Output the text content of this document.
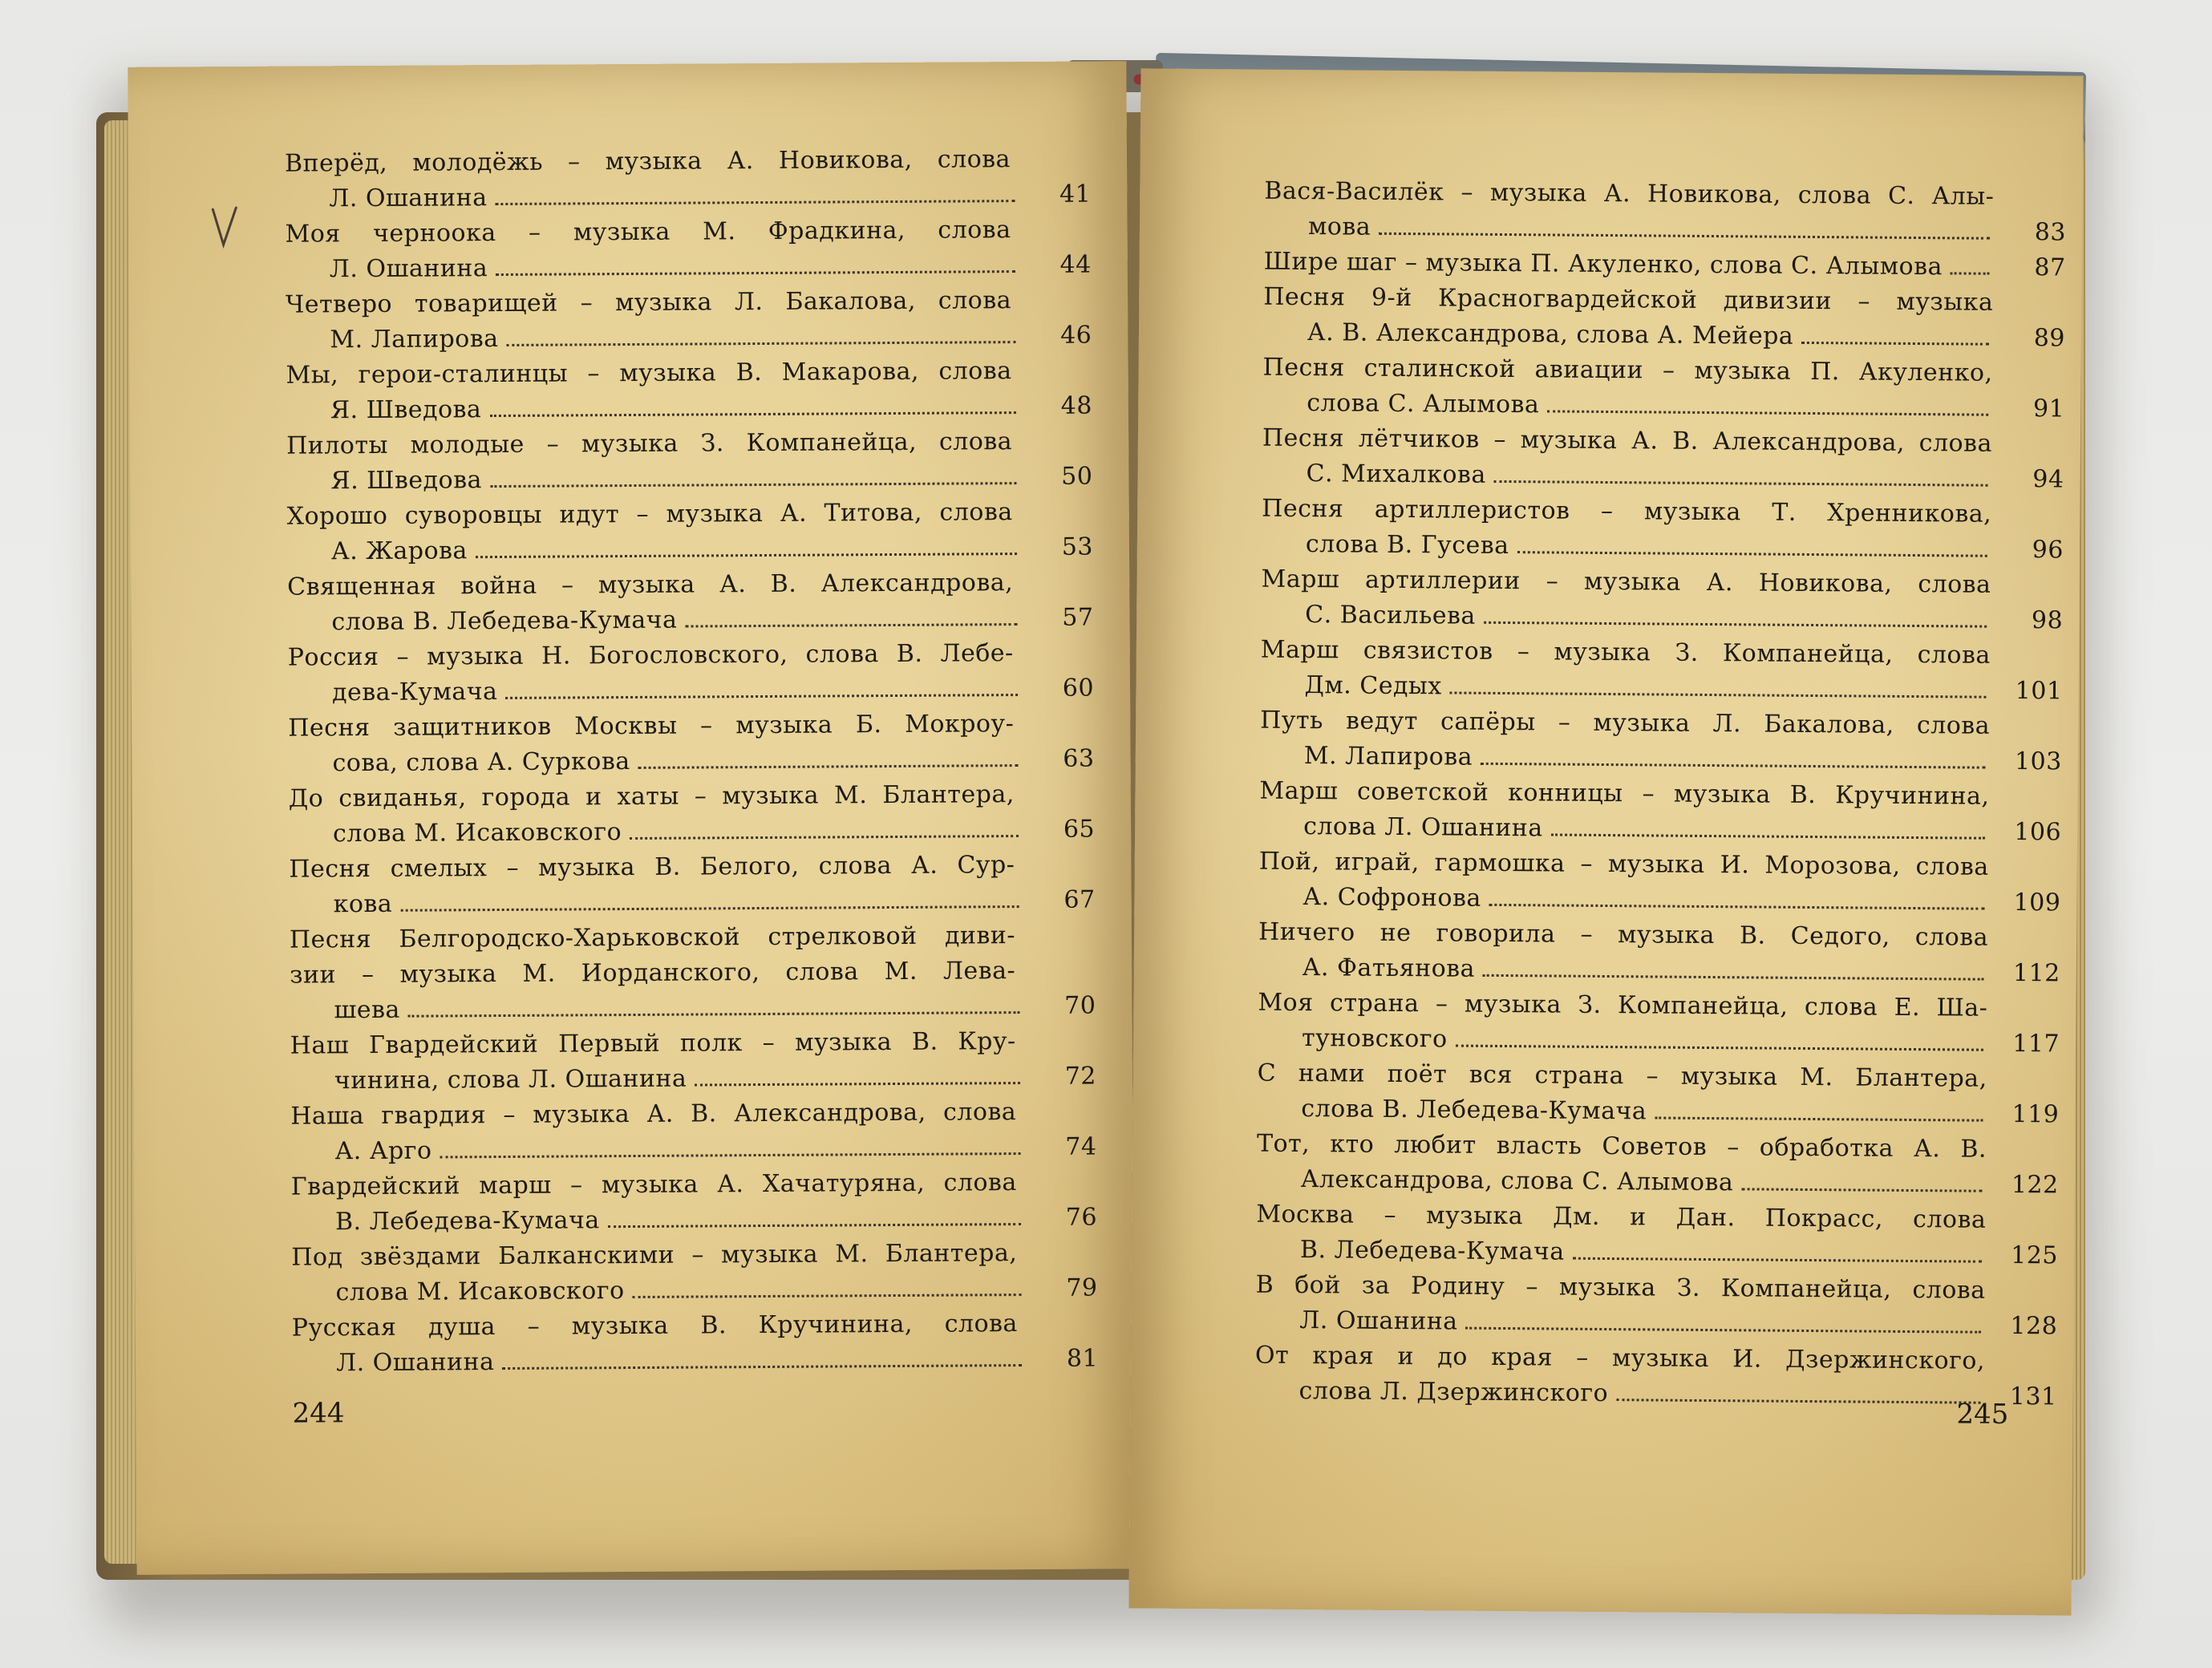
Вперёд, молодёжь – музыка А. Новикова, слова
Л. Ошанина	41
Моя черноока – музыка М. Фрадкина, слова
Л. Ошанина	44
Четверо товарищей – музыка Л. Бакалова, слова
М. Лапирова	46
Мы, герои-сталинцы – музыка В. Макарова, слова
Я. Шведова	48
Пилоты молодые – музыка З. Компанейца, слова
Я. Шведова	50
Хорошо суворовцы идут – музыка А. Титова, слова
А. Жарова	53
Священная война – музыка А. В. Александрова,
слова В. Лебедева-Кумача	57
Россия – музыка Н. Богословского, слова В. Лебе-
дева-Кумача	60
Песня защитников Москвы – музыка Б. Мокроу-
сова, слова А. Суркова	63
До свиданья, города и хаты – музыка М. Блантера,
слова М. Исаковского	65
Песня смелых – музыка В. Белого, слова А. Сур-
кова	67
Песня Белгородско-Харьковской стрелковой диви-
зии – музыка М. Иорданского, слова М. Лева-
шева	70
Наш Гвардейский Первый полк – музыка В. Кру-
чинина, слова Л. Ошанина	72
Наша гвардия – музыка А. В. Александрова, слова
А. Арго	74
Гвардейский марш – музыка А. Хачатуряна, слова
В. Лебедева-Кумача	76
Под звёздами Балканскими – музыка М. Блантера,
слова М. Исаковского	79
Русская душа – музыка В. Кручинина, слова
Л. Ошанина	81
244
Вася-Василёк – музыка А. Новикова, слова С. Алы-
мова	83
Шире шаг – музыка П. Акуленко, слова С. Алымова	87
Песня 9-й Красногвардейской дивизии – музыка
А. В. Александрова, слова А. Мейера	89
Песня сталинской авиации – музыка П. Акуленко,
слова С. Алымова	91
Песня лётчиков – музыка А. В. Александрова, слова
С. Михалкова	94
Песня артиллеристов – музыка Т. Хренникова,
слова В. Гусева	96
Марш артиллерии – музыка А. Новикова, слова
С. Васильева	98
Марш связистов – музыка З. Компанейца, слова
Дм. Седых	101
Путь ведут сапёры – музыка Л. Бакалова, слова
М. Лапирова	103
Марш советской конницы – музыка В. Кручинина,
слова Л. Ошанина	106
Пой, играй, гармошка – музыка И. Морозова, слова
А. Софронова	109
Ничего не говорила – музыка В. Седого, слова
А. Фатьянова	112
Моя страна – музыка З. Компанейца, слова Е. Ша-
туновского	117
С нами поёт вся страна – музыка М. Блантера,
слова В. Лебедева-Кумача	119
Тот, кто любит власть Советов – обработка А. В.
Александрова, слова С. Алымова	122
Москва – музыка Дм. и Дан. Покрасс, слова
В. Лебедева-Кумача	125
В бой за Родину – музыка З. Компанейца, слова
Л. Ошанина	128
От края и до края – музыка И. Дзержинского,
слова Л. Дзержинского	131
245
